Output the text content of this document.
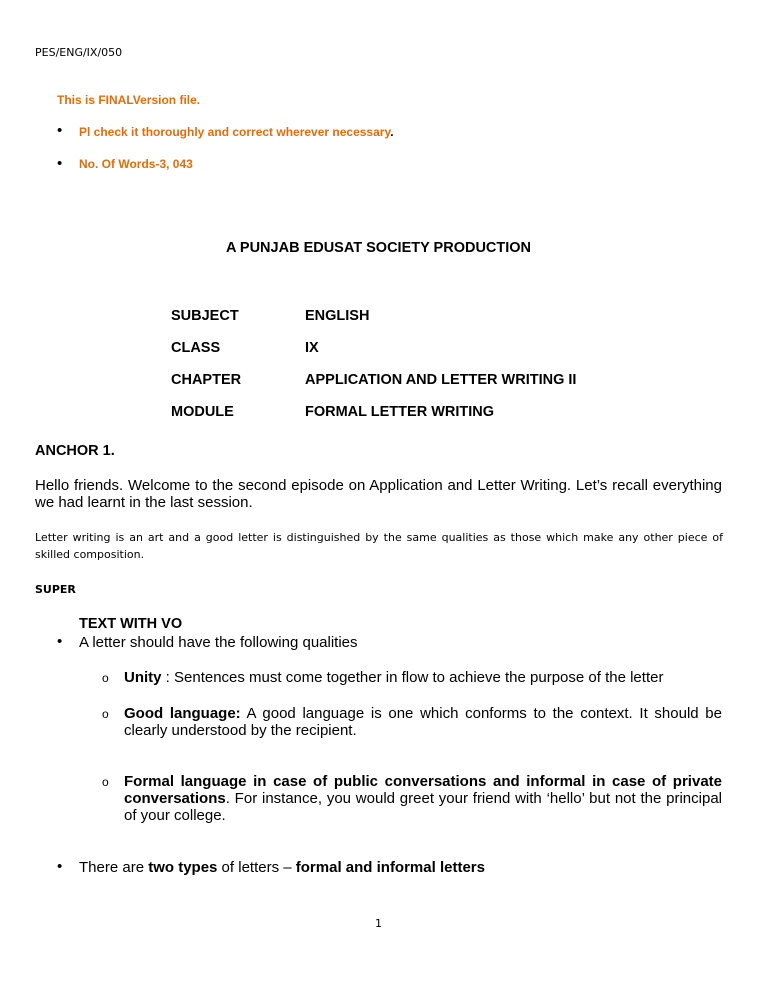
PES/ENG/IX/050
This is FINALVersion file.
• Pl check it thoroughly and correct wherever necessary.
• No. Of Words-3, 043
A PUNJAB EDUSAT SOCIETY PRODUCTION
SUBJECT	ENGLISH
CLASS	IX
CHAPTER	APPLICATION AND LETTER WRITING II
MODULE	FORMAL LETTER WRITING
ANCHOR 1.
Hello friends. Welcome to the second episode on Application and Letter Writing. Let’s recall everything we had learnt in the last session.
Letter writing is an art and a good letter is distinguished by the same qualities as those which make any other piece of skilled composition.
SUPER
TEXT WITH VO
• A letter should have the following qualities
o Unity : Sentences must come together in flow to achieve the purpose of the letter
o Good language: A good language is one which conforms to the context. It should be clearly understood by the recipient.
o Formal language in case of public conversations and informal in case of private conversations. For instance, you would greet your friend with ‘hello’ but not the principal of your college.
• There are two types of letters – formal and informal letters
1
